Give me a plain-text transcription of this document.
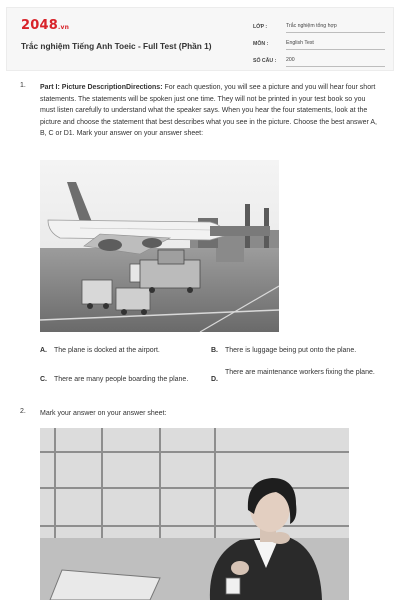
2048.vn
Trắc nghiệm Tiếng Anh Toeic - Full Test (Phần 1)
LỚP :	Trắc nghiệm tổng hợp
MÔN :	English Test
SỐ CÂU :	200
1. Part I: Picture DescriptionDirections: For each question, you will see a picture and you will hear four short statements. The statements will be spoken just one time. They will not be printed in your test book so you must listen carefully to understand what the speaker says. When you hear the four statements, look at the picture and choose the statement that best describes what you see in the picture. Choose the best answer A, B, C or D1. Mark your answer on your answer sheet:
A. The plane is docked at the airport.	B. There is luggage being put onto the plane.
C. There are many people boarding the plane.	D.
There are maintenance workers fixing the plane.
2. Mark your answer on your answer sheet:
